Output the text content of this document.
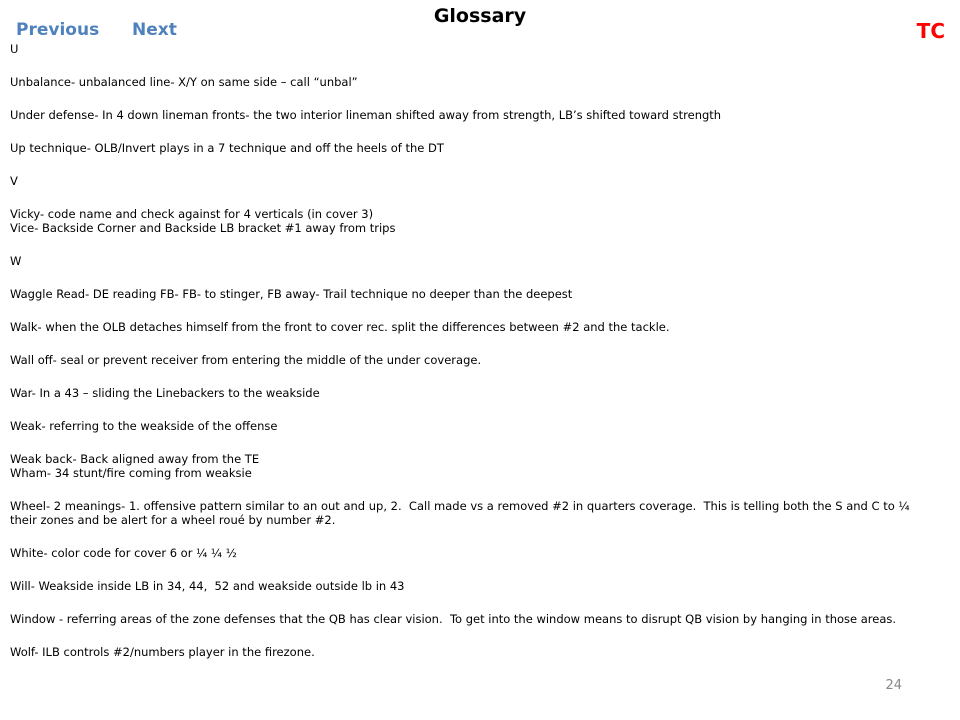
Previous Next
Glossary
TC
U
Unbalance- unbalanced line- X/Y on same side – call “unbal”
Under defense- In 4 down lineman fronts- the two interior lineman shifted away from strength, LB’s shifted toward strength
Up technique- OLB/Invert plays in a 7 technique and off the heels of the DT
V
Vicky- code name and check against for 4 verticals (in cover 3)
Vice- Backside Corner and Backside LB bracket #1 away from trips
W
Waggle Read- DE reading FB- FB- to stinger, FB away- Trail technique no deeper than the deepest
Walk- when the OLB detaches himself from the front to cover rec. split the differences between #2 and the tackle.
Wall off- seal or prevent receiver from entering the middle of the under coverage.
War- In a 43 – sliding the Linebackers to the weakside
Weak- referring to the weakside of the offense
Weak back- Back aligned away from the TE
Wham- 34 stunt/fire coming from weaksie
Wheel- 2 meanings- 1. offensive pattern similar to an out and up, 2.  Call made vs a removed #2 in quarters coverage.  This is telling both the S and C to ¼ their zones and be alert for a wheel roué by number #2.
White- color code for cover 6 or ¼ ¼ ½
Will- Weakside inside LB in 34, 44,  52 and weakside outside lb in 43
Window - referring areas of the zone defenses that the QB has clear vision.  To get into the window means to disrupt QB vision by hanging in those areas.
Wolf- ILB controls #2/numbers player in the firezone.
24
